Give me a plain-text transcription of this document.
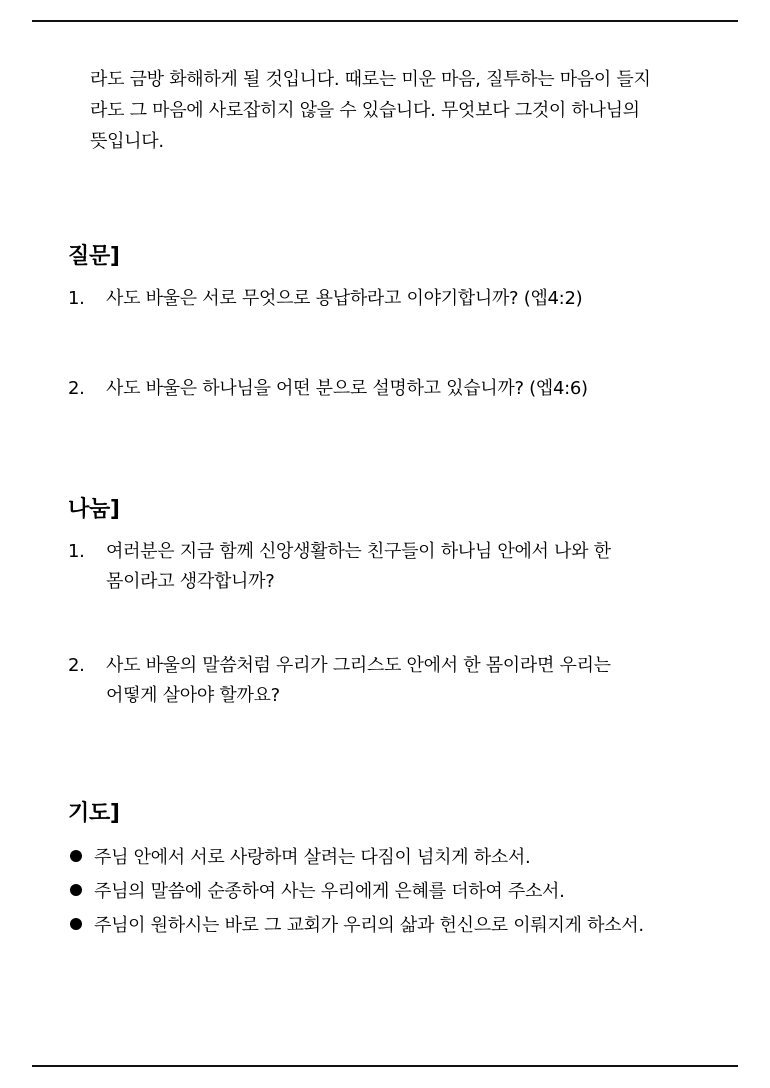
라도 금방 화해하게 될 것입니다. 때로는 미운 마음, 질투하는 마음이 들지

라도 그 마음에 사로잡히지 않을 수 있습니다. 무엇보다 그것이 하나님의

뜻입니다.

질문]
1. 사도 바울은 서로 무엇으로 용납하라고 이야기합니까? (엡4:2)
2. 사도 바울은 하나님을 어떤 분으로 설명하고 있습니까? (엡4:6)
나눔]
1. 여러분은 지금 함께 신앙생활하는 친구들이 하나님 안에서 나와 한
몸이라고 생각합니까?
2. 사도 바울의 말씀처럼 우리가 그리스도 안에서 한 몸이라면 우리는
어떻게 살아야 할까요?
기도]
주님 안에서 서로 사랑하며 살려는 다짐이 넘치게 하소서.
주님의 말씀에 순종하여 사는 우리에게 은혜를 더하여 주소서.
주님이 원하시는 바로 그 교회가 우리의 삶과 헌신으로 이뤄지게 하소서.
